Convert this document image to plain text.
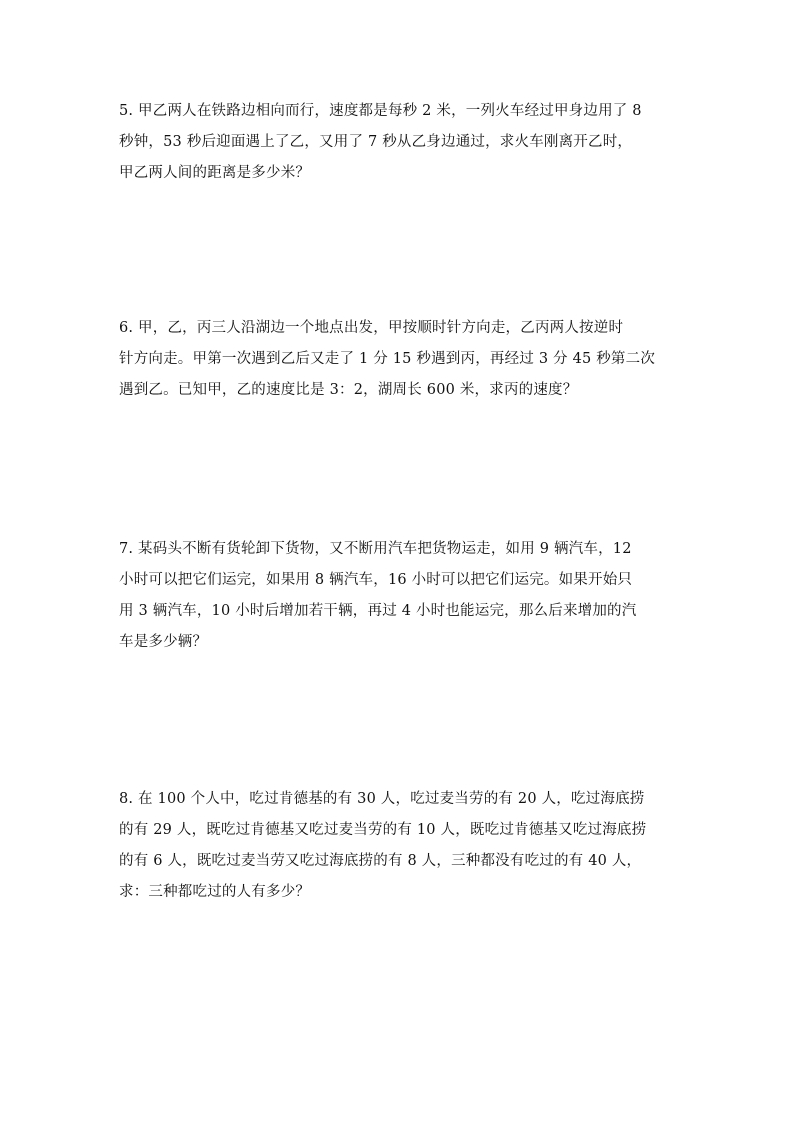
5. 甲乙两人在铁路边相向而行，速度都是每秒 2 米，一列火车经过甲身边用了 8
秒钟，53 秒后迎面遇上了乙，又用了 7 秒从乙身边通过，求火车刚离开乙时，
甲乙两人间的距离是多少米？
6. 甲，乙，丙三人沿湖边一个地点出发，甲按顺时针方向走，乙丙两人按逆时
针方向走。甲第一次遇到乙后又走了 1 分 15 秒遇到丙，再经过 3 分 45 秒第二次
遇到乙。已知甲，乙的速度比是 3：2，湖周长 600 米，求丙的速度？
7. 某码头不断有货轮卸下货物，又不断用汽车把货物运走，如用 9 辆汽车，12
小时可以把它们运完，如果用 8 辆汽车，16 小时可以把它们运完。如果开始只
用 3 辆汽车，10 小时后增加若干辆，再过 4 小时也能运完，那么后来增加的汽
车是多少辆？
8. 在 100 个人中，吃过肯德基的有 30 人，吃过麦当劳的有 20 人，吃过海底捞
的有 29 人，既吃过肯德基又吃过麦当劳的有 10 人，既吃过肯德基又吃过海底捞
的有 6 人，既吃过麦当劳又吃过海底捞的有 8 人，三种都没有吃过的有 40 人，
求：三种都吃过的人有多少？
